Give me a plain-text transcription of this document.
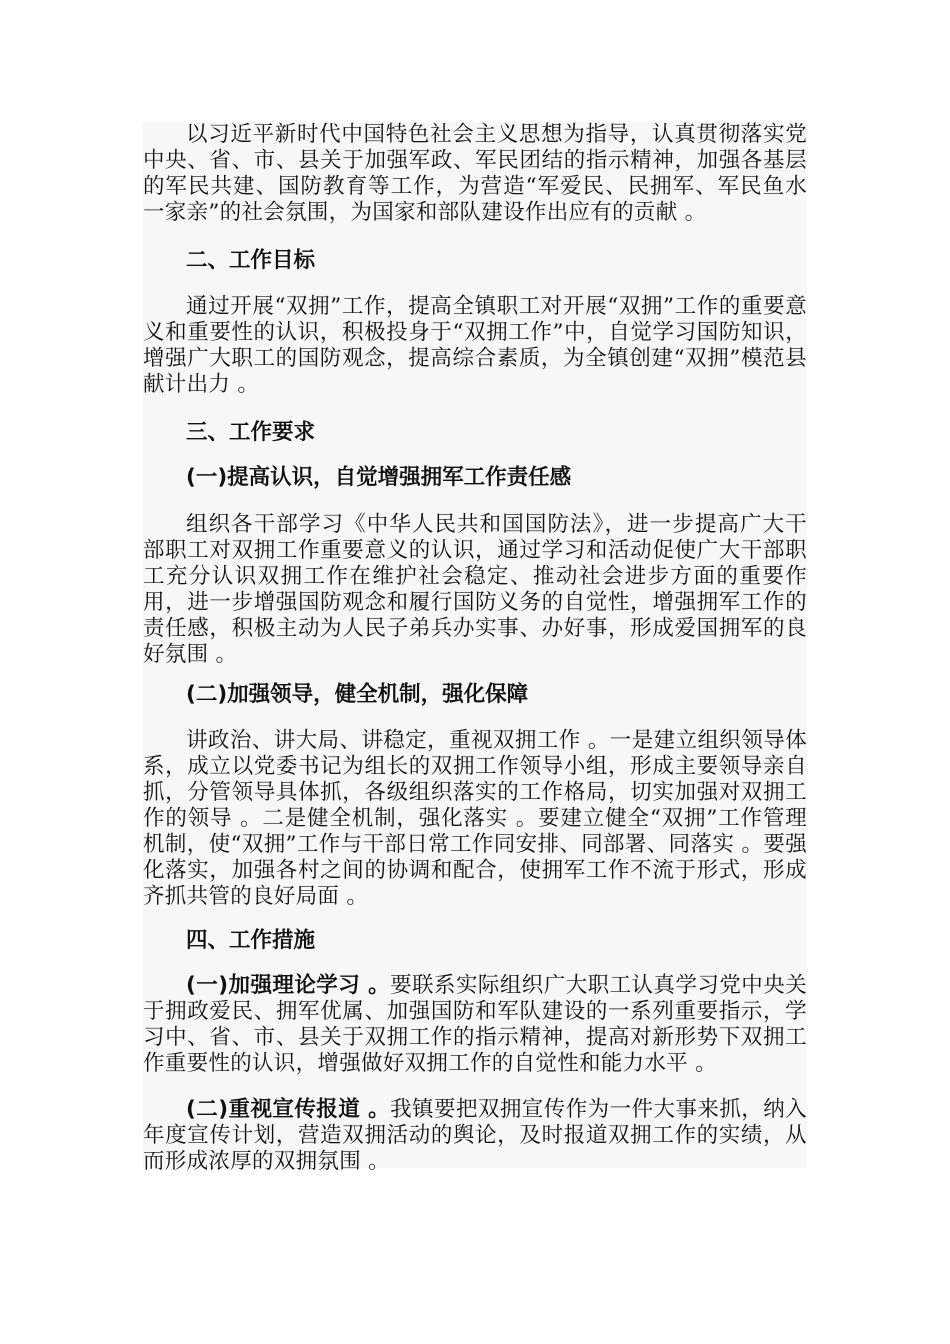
以习近平新时代中国特色社会主义思想为指导，认真贯彻落实党中央、省、市、县关于加强军政、军民团结的指示精神，加强各基层的军民共建、国防教育等工作，为营造“军爱民、民拥军、军民鱼水一家亲”的社会氛围，为国家和部队建设作出应有的贡献 。

二、工作目标

通过开展“双拥”工作，提高全镇职工对开展“双拥”工作的重要意义和重要性的认识，积极投身于“双拥工作”中，自觉学习国防知识，增强广大职工的国防观念，提高综合素质，为全镇创建“双拥”模范县献计出力 。

三、工作要求

(一)提高认识，自觉增强拥军工作责任感

组织各干部学习《中华人民共和国国防法》，进一步提高广大干部职工对双拥工作重要意义的认识，通过学习和活动促使广大干部职工充分认识双拥工作在维护社会稳定、推动社会进步方面的重要作用，进一步增强国防观念和履行国防义务的自觉性，增强拥军工作的责任感，积极主动为人民子弟兵办实事、办好事，形成爱国拥军的良好氛围 。

(二)加强领导，健全机制，强化保障

讲政治、讲大局、讲稳定，重视双拥工作 。一是建立组织领导体系，成立以党委书记为组长的双拥工作领导小组，形成主要领导亲自抓，分管领导具体抓，各级组织落实的工作格局，切实加强对双拥工作的领导 。二是健全机制，强化落实 。要建立健全“双拥”工作管理机制，使“双拥”工作与干部日常工作同安排、同部署、同落实 。要强化落实，加强各村之间的协调和配合，使拥军工作不流于形式，形成齐抓共管的良好局面 。

四、工作措施

(一)加强理论学习 。要联系实际组织广大职工认真学习党中央关于拥政爱民、拥军优属、加强国防和军队建设的一系列重要指示，学习中、省、市、县关于双拥工作的指示精神，提高对新形势下双拥工作重要性的认识，增强做好双拥工作的自觉性和能力水平 。

(二)重视宣传报道 。我镇要把双拥宣传作为一件大事来抓，纳入年度宣传计划，营造双拥活动的舆论，及时报道双拥工作的实绩，从而形成浓厚的双拥氛围 。
